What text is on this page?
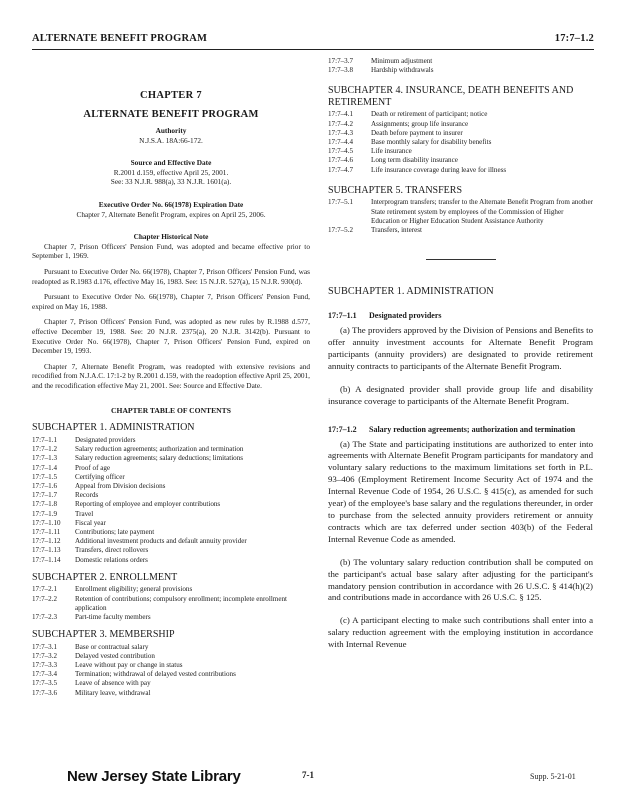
ALTERNATE BENEFIT PROGRAM	17:7–1.2

CHAPTER 7

ALTERNATE BENEFIT PROGRAM

Authority

N.J.S.A. 18A:66-172.

Source and Effective Date

R.2001 d.159, effective April 25, 2001.

See: 33 N.J.R. 988(a), 33 N.J.R. 1601(a).

Executive Order No. 66(1978) Expiration Date

Chapter 7, Alternate Benefit Program, expires on April 25, 2006.

Chapter Historical Note

Chapter 7, Prison Officers' Pension Fund, was adopted and became effective prior to September 1, 1969.

Pursuant to Executive Order No. 66(1978), Chapter 7, Prison Officers' Pension Fund, was readopted as R.1983 d.176, effective May 16, 1983. See: 15 N.J.R. 527(a), 15 N.J.R. 930(d).

Pursuant to Executive Order No. 66(1978), Chapter 7, Prison Officers' Pension Fund, expired on May 16, 1988.

Chapter 7, Prison Officers' Pension Fund, was adopted as new rules by R.1988 d.577, effective December 19, 1988. See: 20 N.J.R. 2375(a), 20 N.J.R. 3142(b). Pursuant to Executive Order No. 66(1978), Chapter 7, Prison Officers' Pension Fund, expired on December 19, 1993.

Chapter 7, Alternate Benefit Program, was readopted with extensive revisions and recodified from N.J.A.C. 17:1-2 by R.2001 d.159, with the readoption effective April 25, 2001, and the recodification effective May 21, 2001. See: Source and Effective Date.

CHAPTER TABLE OF CONTENTS

SUBCHAPTER 1. ADMINISTRATION

17:7–1.1	Designated providers
17:7–1.2	Salary reduction agreements; authorization and termination
17:7–1.3	Salary reduction agreements; salary deductions; limitations
17:7–1.4	Proof of age
17:7–1.5	Certifying officer
17:7–1.6	Appeal from Division decisions
17:7–1.7	Records
17:7–1.8	Reporting of employee and employer contributions
17:7–1.9	Travel
17:7–1.10	Fiscal year
17:7–1.11	Contributions; late payment
17:7–1.12	Additional investment products and default annuity provider
17:7–1.13	Transfers, direct rollovers
17:7–1.14	Domestic relations orders

SUBCHAPTER 2. ENROLLMENT

17:7–2.1	Enrollment eligibility; general provisions
17:7–2.2	Retention of contributions; compulsory enrollment; incomplete enrollment application
17:7–2.3	Part-time faculty members

SUBCHAPTER 3. MEMBERSHIP

17:7–3.1	Base or contractual salary
17:7–3.2	Delayed vested contribution
17:7–3.3	Leave without pay or change in status
17:7–3.4	Termination; withdrawal of delayed vested contributions
17:7–3.5	Leave of absence with pay
17:7–3.6	Military leave, withdrawal
17:7–3.7	Minimum adjustment
17:7–3.8	Hardship withdrawals

SUBCHAPTER 4. INSURANCE, DEATH BENEFITS AND RETIREMENT

17:7–4.1	Death or retirement of participant; notice
17:7–4.2	Assignments; group life insurance
17:7–4.3	Death before payment to insurer
17:7–4.4	Base monthly salary for disability benefits
17:7–4.5	Life insurance
17:7–4.6	Long term disability insurance
17:7–4.7	Life insurance coverage during leave for illness

SUBCHAPTER 5. TRANSFERS

17:7–5.1	Interprogram transfers; transfer to the Alternate Benefit Program from another State retirement system by employees of the Commission of Higher Education or Higher Education Student Assistance Authority
17:7–5.2	Transfers, interest

SUBCHAPTER 1. ADMINISTRATION

17:7–1.1	Designated providers

(a) The providers approved by the Division of Pensions and Benefits to offer annuity investment accounts for Alternate Benefit Program participants (annuity providers) are designated to provide retirement annuity contracts to participants of the Alternate Benefit Program.

(b) A designated provider shall provide group life and disability insurance coverage to participants of the Alternate Benefit Program.

17:7–1.2	Salary reduction agreements; authorization and termination

(a) The State and participating institutions are authorized to enter into agreements with Alternate Benefit Program participants for mandatory and voluntary salary reductions to the maximum limitations set forth in P.L. 93–406 (Employment Retirement Income Security Act of 1974 and the Internal Revenue Code of 1954, 26 U.S.C. § 415(c), as amended for such year) of the employee's base salary and the regulations thereunder, in order to purchase from the selected annuity providers retirement or annuity contracts which are tax deferred under section 403(b) of the Federal Internal Revenue Code as amended.

(b) The voluntary salary reduction contribution shall be computed on the participant's actual base salary after adjusting for the participant's mandatory pension contribution in accordance with 26 U.S.C. § 414(h)(2) and contributions made in accordance with 26 U.S.C. § 125.

(c) A participant electing to make such contributions shall enter into a salary reduction agreement with the employing institution in accordance with Internal Revenue

New Jersey State Library	7-1	Supp. 5-21-01
